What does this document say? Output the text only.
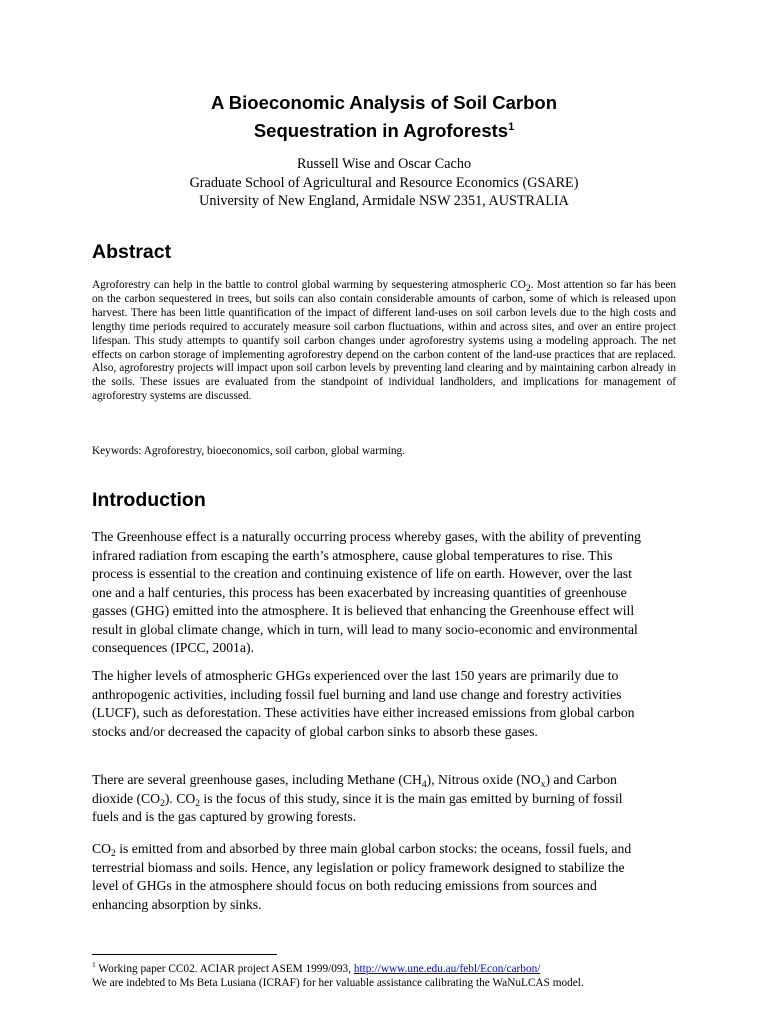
A Bioeconomic Analysis of Soil Carbon
Sequestration in Agroforests$^1$
Russell Wise and Oscar Cacho
Graduate School of Agricultural and Resource Economics (GSARE)
University of New England, Armidale NSW 2351, AUSTRALIA
Abstract

Agroforestry can help in the battle to control global warming by sequestering atmospheric $CO_2$. Most attention so far has been on the carbon sequestered in trees, but soils can also contain considerable amounts of carbon, some of which is released upon harvest. There has been little quantification of the impact of different land-uses on soil carbon levels due to the high costs and lengthy time periods required to accurately measure soil carbon fluctuations, within and across sites, and over an entire project lifespan. This study attempts to quantify soil carbon changes under agroforestry systems using a modeling approach. The net effects on carbon storage of implementing agroforestry depend on the carbon content of the land-use practices that are replaced. Also, agroforestry projects will impact upon soil carbon levels by preventing land clearing and by maintaining carbon already in the soils. These issues are evaluated from the standpoint of individual landholders, and implications for management of agroforestry systems are discussed.

Keywords: Agroforestry, bioeconomics, soil carbon, global warming.

Introduction

The Greenhouse effect is a naturally occurring process whereby gases, with the ability of preventing infrared radiation from escaping the earth’s atmosphere, cause global temperatures to rise. This process is essential to the creation and continuing existence of life on earth. However, over the last one and a half centuries, this process has been exacerbated by increasing quantities of greenhouse gasses (GHG) emitted into the atmosphere. It is believed that enhancing the Greenhouse effect will result in global climate change, which in turn, will lead to many socio-economic and environmental consequences (IPCC, 2001a).

The higher levels of atmospheric GHGs experienced over the last 150 years are primarily due to anthropogenic activities, including fossil fuel burning and land use change and forestry activities (LUCF), such as deforestation. These activities have either increased emissions from global carbon stocks and/or decreased the capacity of global carbon sinks to absorb these gases.

There are several greenhouse gases, including Methane $(CH_4)$, Nitrous oxide $(NO_x)$ and Carbon dioxide $(CO_2)$. $CO_2$ is the focus of this study, since it is the main gas emitted by burning of fossil fuels and is the gas captured by growing forests.

$CO_2$ is emitted from and absorbed by three main global carbon stocks: the oceans, fossil fuels, and terrestrial biomass and soils. Hence, any legislation or policy framework designed to stabilize the level of GHGs in the atmosphere should focus on both reducing emissions from sources and enhancing absorption by sinks.

$^1$ Working paper CC02. ACIAR project ASEM 1999/093, http://www.une.edu.au/febl/Econ/carbon/
We are indebted to Ms Beta Lusiana (ICRAF) for her valuable assistance calibrating the WaNuLCAS model.
